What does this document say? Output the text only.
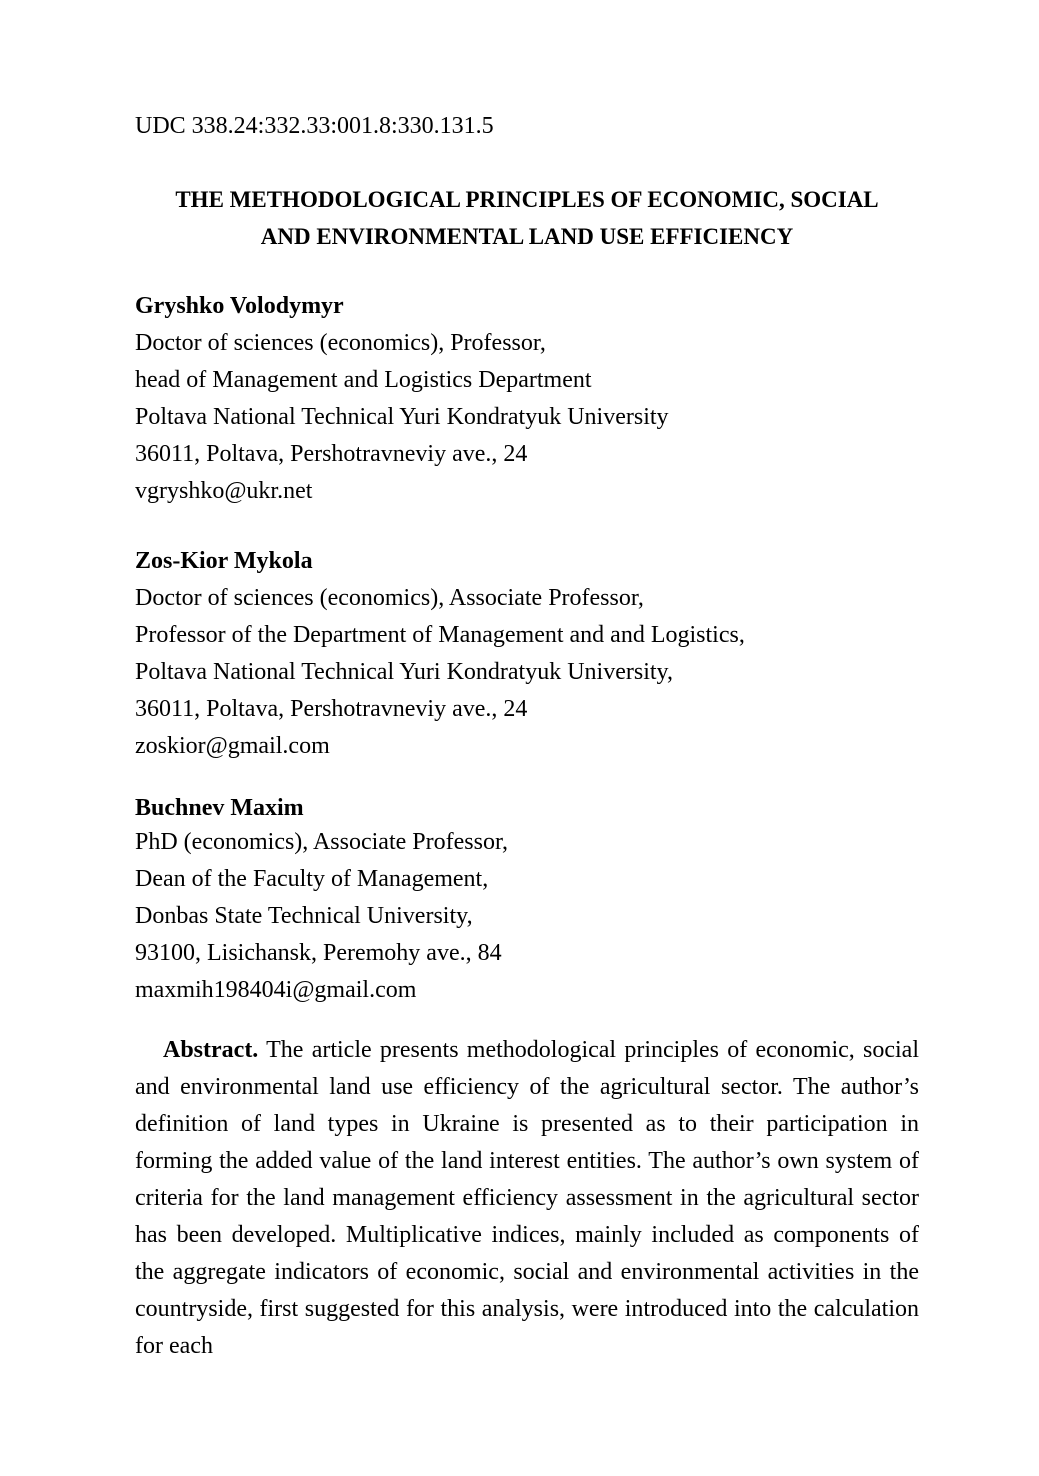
UDC 338.24:332.33:001.8:330.131.5
THE METHODOLOGICAL PRINCIPLES OF ECONOMIC, SOCIAL
AND ENVIRONMENTAL LAND USE EFFICIENCY
Gryshko Volodymyr
Doctor of sciences (economics), Professor,
head of Management and Logistics Department
Poltava National Technical Yuri Kondratyuk University
36011, Poltava, Pershotravneviy ave., 24
vgryshko@ukr.net
Zos-Kior Mykola
Doctor of sciences (economics), Associate Professor,
Professor of the Department of Management and and Logistics,
Poltava National Technical Yuri Kondratyuk University,
36011, Poltava, Pershotravneviy ave., 24
zoskior@gmail.com
Buchnev Maxim
PhD (economics), Associate Professor,
Dean of the Faculty of Management,
Donbas State Technical University,
93100, Lisichansk, Peremohy ave., 84
maxmih198404i@gmail.com

Abstract. The article presents methodological principles of economic, social and environmental land use efficiency of the agricultural sector. The author’s definition of land types in Ukraine is presented as to their participation in forming the added value of the land interest entities. The author’s own system of criteria for the land management efficiency assessment in the agricultural sector has been developed. Multiplicative indices, mainly included as components of the aggregate indicators of economic, social and environmental activities in the countryside, first suggested for this analysis, were introduced into the calculation for each
